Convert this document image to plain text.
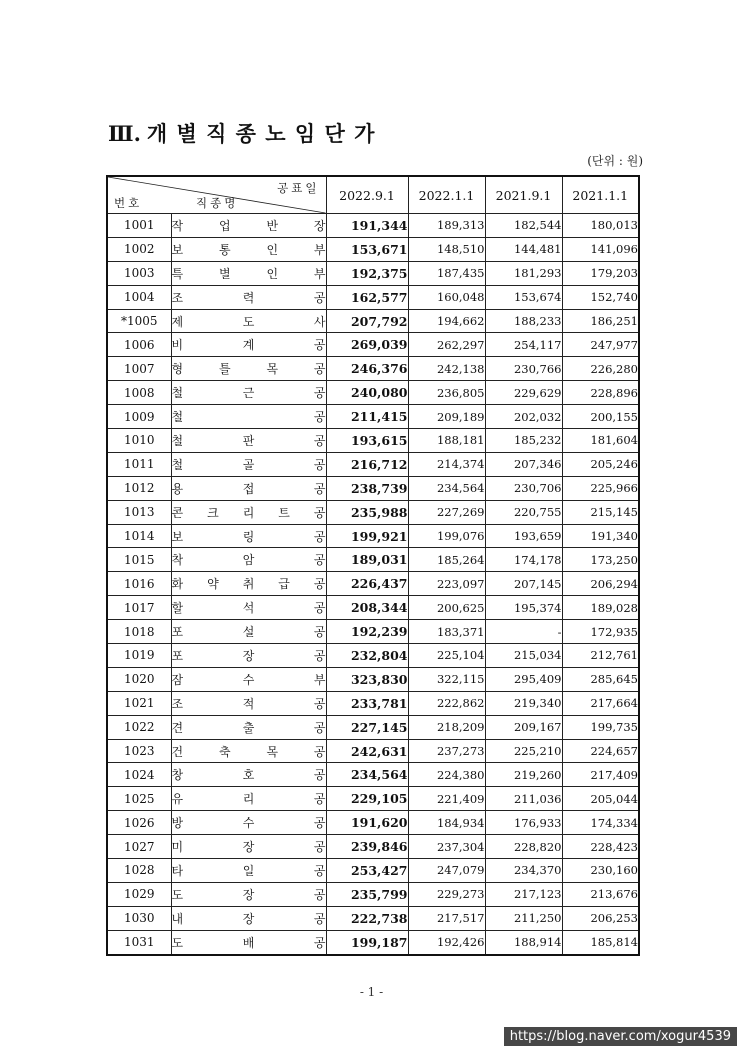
Ⅲ. 개 별 직 종 노 임 단 가
(단위 : 원)
공표일
번호 직종명		2022.9.1	2022.1.1	2021.9.1	2021.1.1
1001	작 업 반 장	191,344	189,313	182,544	180,013
1002	보 통 인 부	153,671	148,510	144,481	141,096
1003	특 별 인 부	192,375	187,435	181,293	179,203
1004	조 력 공	162,577	160,048	153,674	152,740
*1005	제 도 사	207,792	194,662	188,233	186,251
1006	비 계 공	269,039	262,297	254,117	247,977
1007	형 틀 목 공	246,376	242,138	230,766	226,280
1008	철 근 공	240,080	236,805	229,629	228,896
1009	철 공	211,415	209,189	202,032	200,155
1010	철 판 공	193,615	188,181	185,232	181,604
1011	철 골 공	216,712	214,374	207,346	205,246
1012	용 접 공	238,739	234,564	230,706	225,966
1013	콘 크 리 트 공	235,988	227,269	220,755	215,145
1014	보 링 공	199,921	199,076	193,659	191,340
1015	착 암 공	189,031	185,264	174,178	173,250
1016	화 약 취 급 공	226,437	223,097	207,145	206,294
1017	할 석 공	208,344	200,625	195,374	189,028
1018	포 설 공	192,239	183,371	-	172,935
1019	포 장 공	232,804	225,104	215,034	212,761
1020	잠 수 부	323,830	322,115	295,409	285,645
1021	조 적 공	233,781	222,862	219,340	217,664
1022	견 출 공	227,145	218,209	209,167	199,735
1023	건 축 목 공	242,631	237,273	225,210	224,657
1024	창 호 공	234,564	224,380	219,260	217,409
1025	유 리 공	229,105	221,409	211,036	205,044
1026	방 수 공	191,620	184,934	176,933	174,334
1027	미 장 공	239,846	237,304	228,820	228,423
1028	타 일 공	253,427	247,079	234,370	230,160
1029	도 장 공	235,799	229,273	217,123	213,676
1030	내 장 공	222,738	217,517	211,250	206,253
1031	도 배 공	199,187	192,426	188,914	185,814
- 1 -
https://blog.naver.com/xogur4539
